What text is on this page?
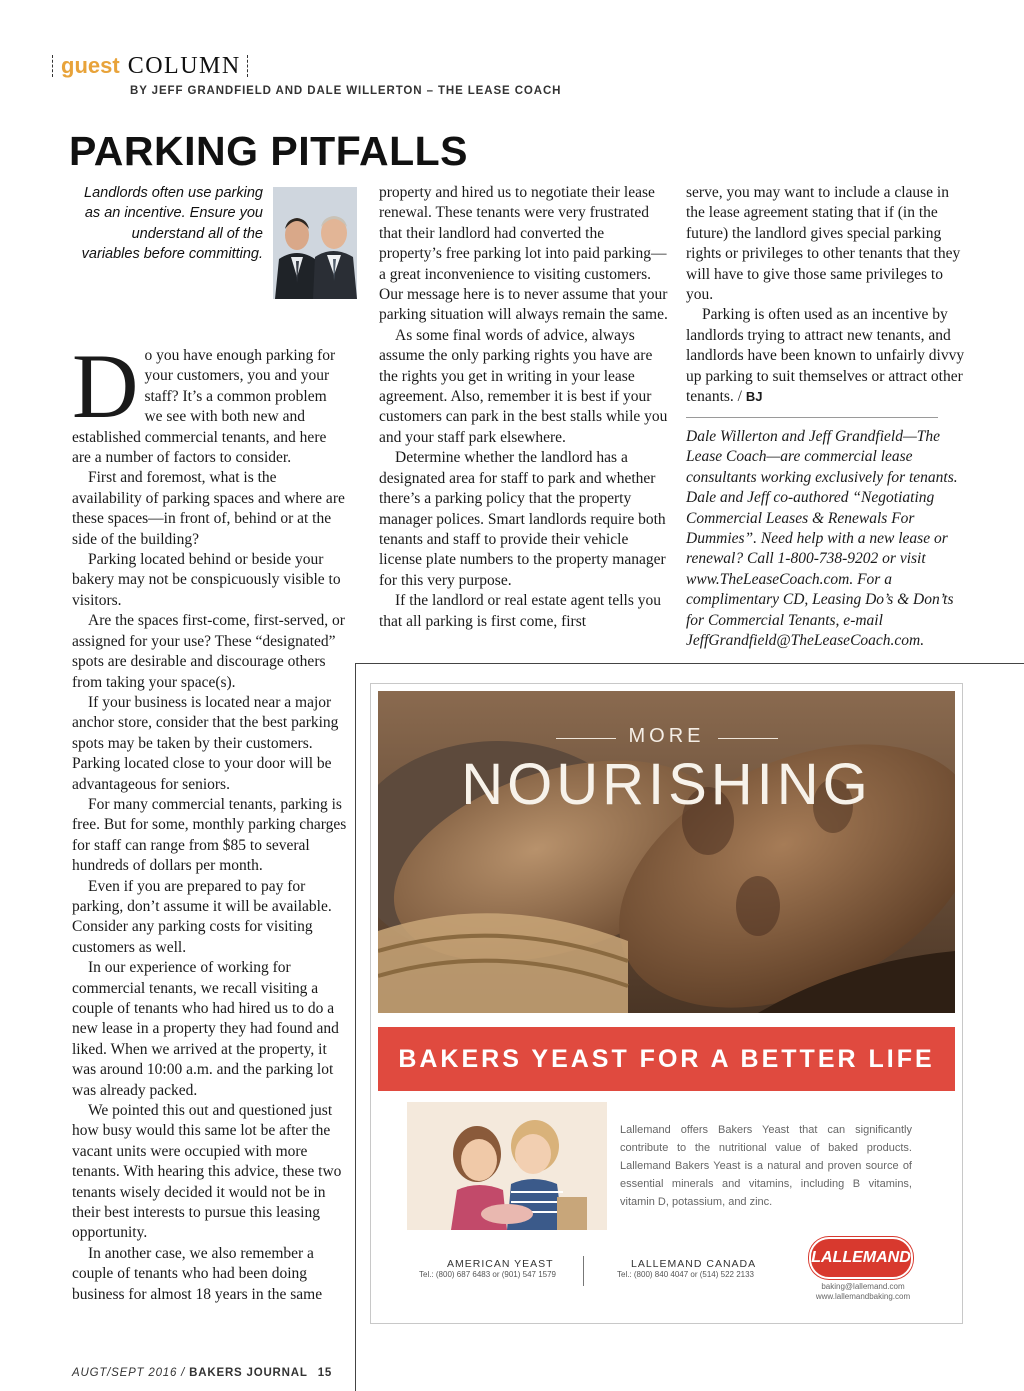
guest COLUMN
BY JEFF GRANDFIELD AND DALE WILLERTON – THE LEASE COACH
PARKING PITFALLS
Landlords often use parking as an incentive. Ensure you understand all of the variables before committing.

Do you have enough parking for your customers, you and your staff? It’s a common problem we see with both new and established commercial tenants, and here are a number of factors to consider.

First and foremost, what is the availability of parking spaces and where are these spaces—in front of, behind or at the side of the building?

Parking located behind or beside your bakery may not be conspicuously visible to visitors.

Are the spaces first-come, first-served, or assigned for your use? These “designated” spots are desirable and discourage others from taking your space(s).

If your business is located near a major anchor store, consider that the best parking spots may be taken by their customers. Parking located close to your door will be advantageous for seniors.

For many commercial tenants, parking is free. But for some, monthly parking charges for staff can range from $85 to several hundreds of dollars per month.

Even if you are prepared to pay for parking, don’t assume it will be available. Consider any parking costs for visiting customers as well.

In our experience of working for commercial tenants, we recall visiting a couple of tenants who had hired us to do a new lease in a property they had found and liked. When we arrived at the property, it was around 10:00 a.m. and the parking lot was already packed.

We pointed this out and questioned just how busy would this same lot be after the vacant units were occupied with more tenants. With hearing this advice, these two tenants wisely decided it would not be in their best interests to pursue this leasing opportunity.

In another case, we also remember a couple of tenants who had been doing business for almost 18 years in the same

property and hired us to negotiate their lease renewal. These tenants were very frustrated that their landlord had converted the property’s free parking lot into paid parking—a great inconvenience to visiting customers. Our message here is to never assume that your parking situation will always remain the same.

As some final words of advice, always assume the only parking rights you have are the rights you get in writing in your lease agreement. Also, remember it is best if your customers can park in the best stalls while you and your staff park elsewhere.

Determine whether the landlord has a designated area for staff to park and whether there’s a parking policy that the property manager polices. Smart landlords require both tenants and staff to provide their vehicle license plate numbers to the property manager for this very purpose.

If the landlord or real estate agent tells you that all parking is first come, first

serve, you may want to include a clause in the lease agreement stating that if (in the future) the landlord gives special parking rights or privileges to other tenants that they will have to give those same privileges to you.

Parking is often used as an incentive by landlords trying to attract new tenants, and landlords have been known to unfairly divvy up parking to suit themselves or attract other tenants. / BJ

Dale Willerton and Jeff Grandfield—The Lease Coach—are commercial lease consultants working exclusively for tenants. Dale and Jeff co-authored “Negotiating Commercial Leases & Renewals For Dummies”. Need help with a new lease or renewal? Call 1-800-738-9202 or visit www.TheLeaseCoach.com. For a complimentary CD, Leasing Do’s & Don’ts for Commercial Tenants, e-mail JeffGrandfield@TheLeaseCoach.com.
MORE
NOURISHING
BAKERS YEAST FOR A BETTER LIFE
Lallemand offers Bakers Yeast that can significantly contribute to the nutritional value of baked products. Lallemand Bakers Yeast is a natural and proven source of essential minerals and vitamins, including B vitamins, vitamin D, potassium, and zinc.
AMERICAN YEAST
Tel.: (800) 687 6483 or (901) 547 1579
LALLEMAND CANADA
Tel.: (800) 840 4047 or (514) 522 2133
LALLEMAND
baking@lallemand.com
www.lallemandbaking.com
AUGT/SEPT 2016 / BAKERS JOURNAL 15
